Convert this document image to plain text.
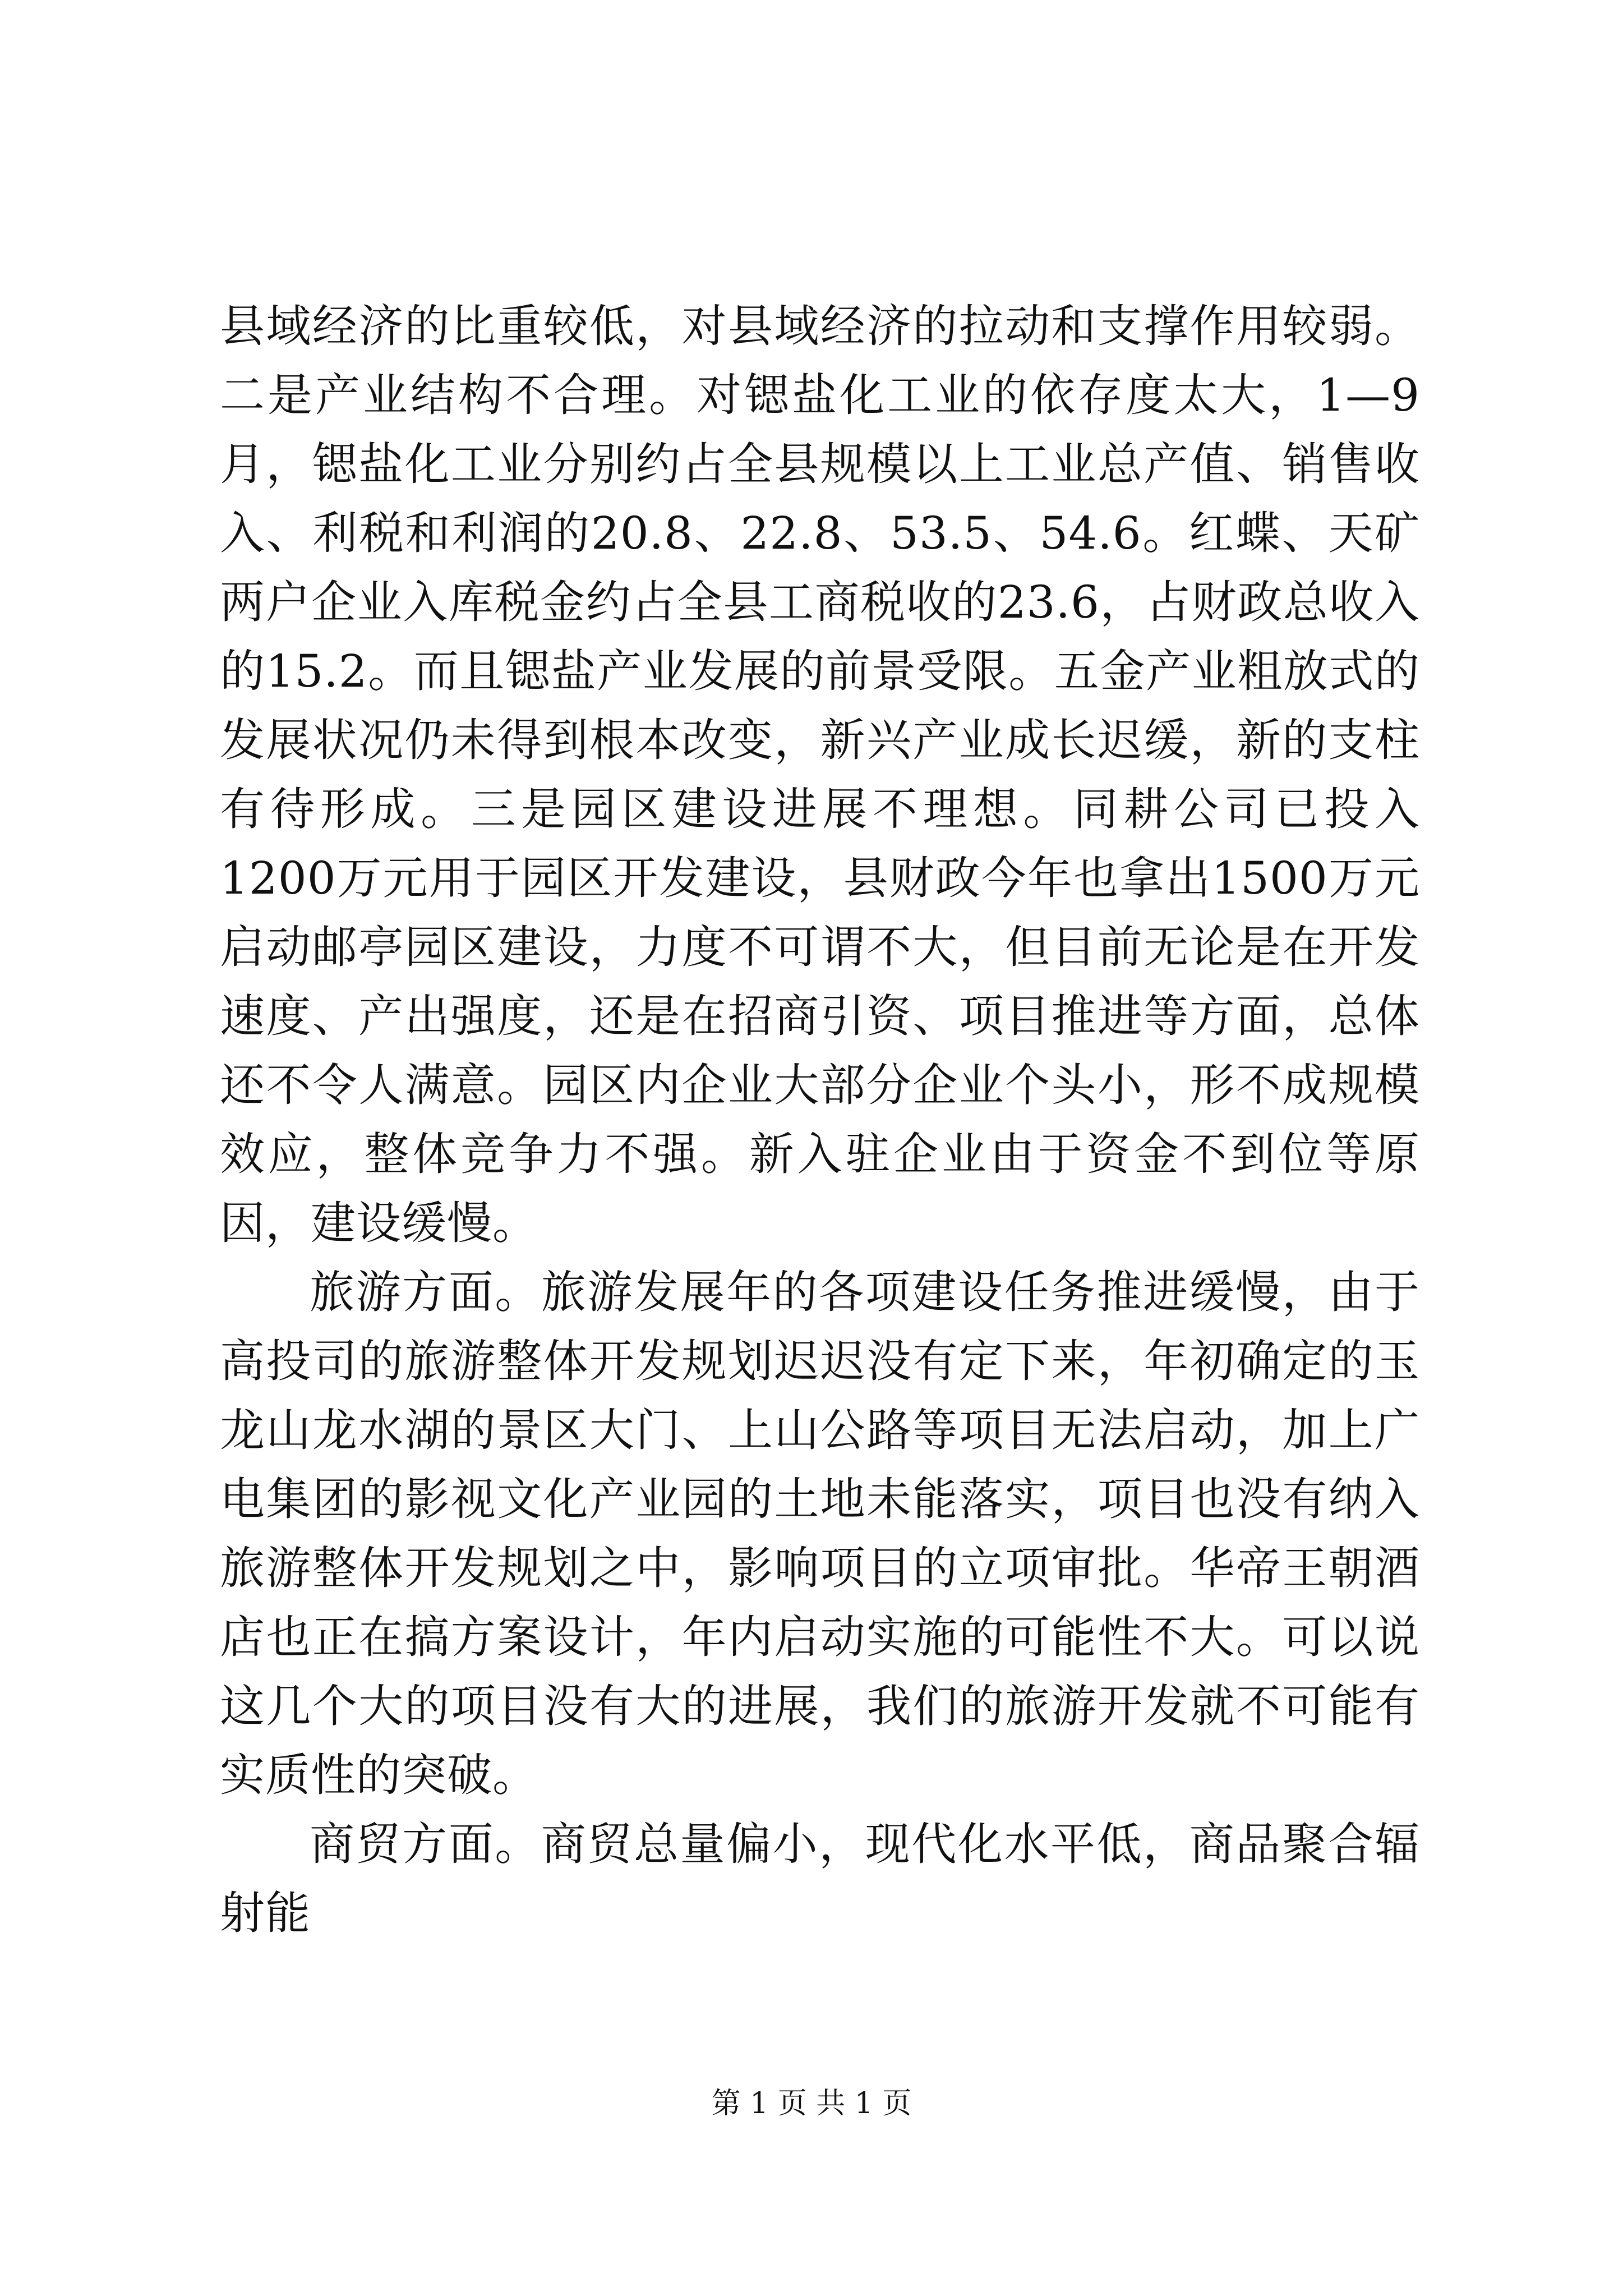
县域经济的比重较低，对县域经济的拉动和支撑作用较弱。二是产业结构不合理。对锶盐化工业的依存度太大，1—9月，锶盐化工业分别约占全县规模以上工业总产值、销售收入、利税和利润的20.8、22.8、53.5、54.6。红蝶、天矿两户企业入库税金约占全县工商税收的23.6，占财政总收入的15.2。而且锶盐产业发展的前景受限。五金产业粗放式的发展状况仍未得到根本改变，新兴产业成长迟缓，新的支柱有待形成。三是园区建设进展不理想。同耕公司已投入1200万元用于园区开发建设，县财政今年也拿出1500万元启动邮亭园区建设，力度不可谓不大，但目前无论是在开发速度、产出强度，还是在招商引资、项目推进等方面，总体还不令人满意。园区内企业大部分企业个头小，形不成规模效应，整体竞争力不强。新入驻企业由于资金不到位等原因，建设缓慢。

旅游方面。旅游发展年的各项建设任务推进缓慢，由于高投司的旅游整体开发规划迟迟没有定下来，年初确定的玉龙山龙水湖的景区大门、上山公路等项目无法启动，加上广电集团的影视文化产业园的土地未能落实，项目也没有纳入旅游整体开发规划之中，影响项目的立项审批。华帝王朝酒店也正在搞方案设计，年内启动实施的可能性不大。可以说这几个大的项目没有大的进展，我们的旅游开发就不可能有实质性的突破。

商贸方面。商贸总量偏小，现代化水平低，商品聚合辐射能

第 1 页 共 1 页
